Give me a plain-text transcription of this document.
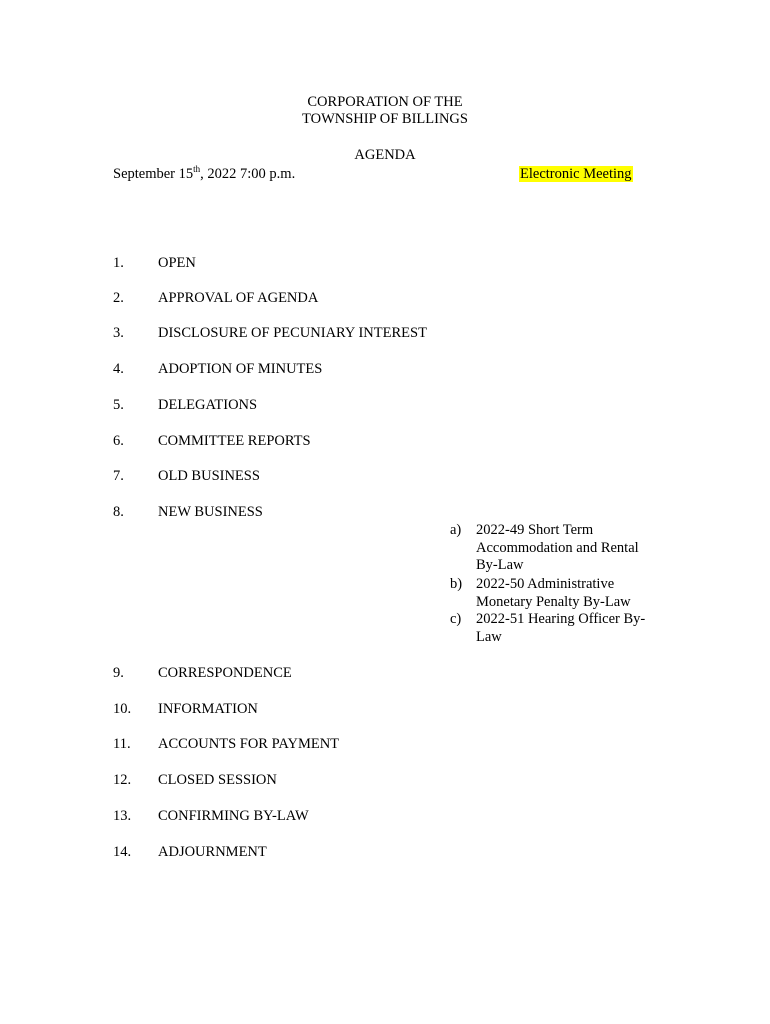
CORPORATION OF THE
TOWNSHIP OF BILLINGS
AGENDA
September 15th, 2022 7:00 p.m.	Electronic Meeting
1. OPEN
2. APPROVAL OF AGENDA
3. DISCLOSURE OF PECUNIARY INTEREST
4. ADOPTION OF MINUTES
5. DELEGATIONS
6. COMMITTEE REPORTS
7. OLD BUSINESS
8. NEW BUSINESS
a) 2022-49 Short Term
Accommodation and Rental
By-Law
b) 2022-50 Administrative
Monetary Penalty By-Law
c) 2022-51 Hearing Officer By-
Law
9. CORRESPONDENCE
10. INFORMATION
11. ACCOUNTS FOR PAYMENT
12. CLOSED SESSION
13. CONFIRMING BY-LAW
14. ADJOURNMENT
